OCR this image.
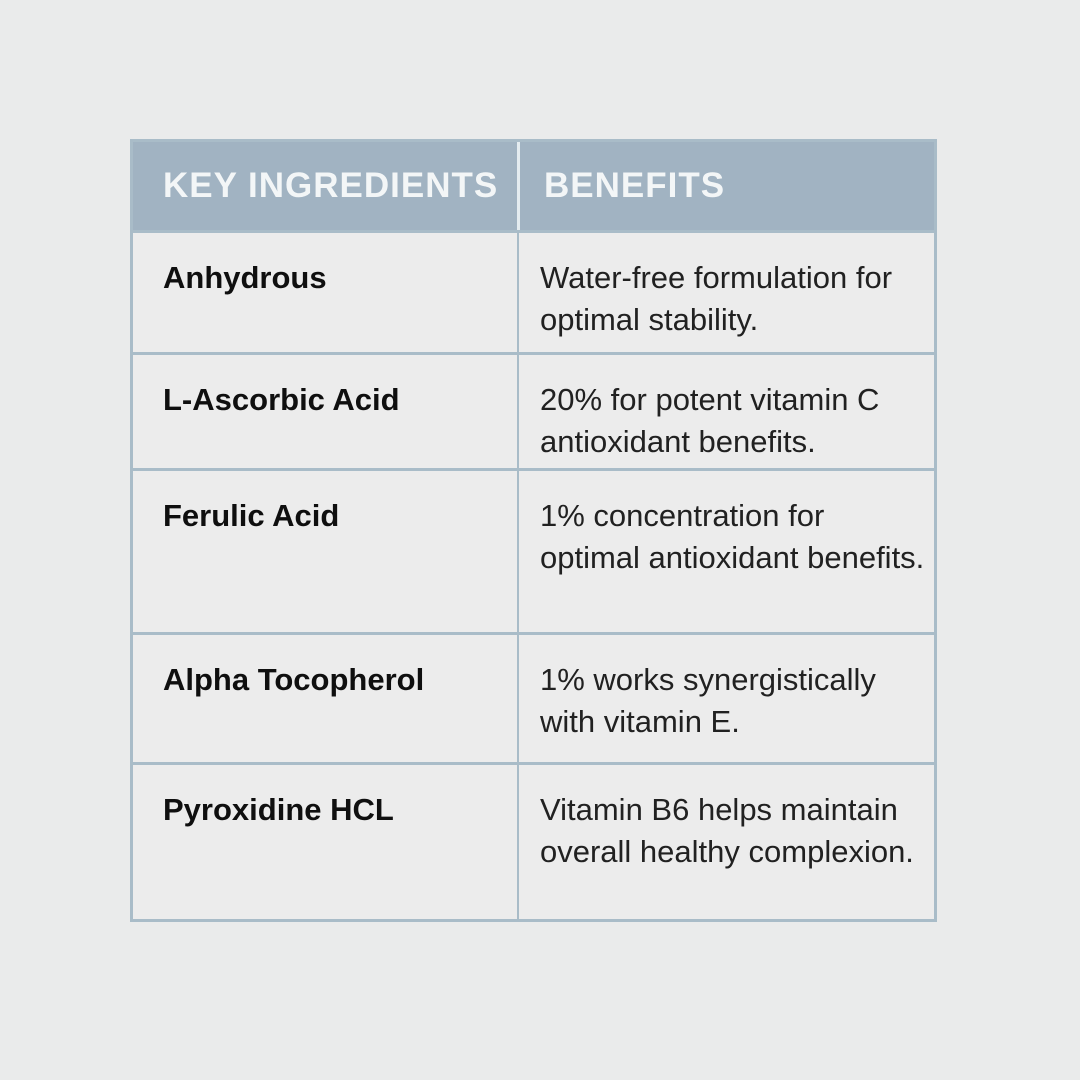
KEY INGREDIENTS	BENEFITS
Anhydrous	Water-free formulation for optimal stability.
L-Ascorbic Acid	20% for potent vitamin C antioxidant benefits.
Ferulic Acid	1% concentration for optimal antioxidant benefits.
Alpha Tocopherol	1% works synergistically with vitamin E.
Pyroxidine HCL	Vitamin B6 helps maintain overall healthy complexion.
